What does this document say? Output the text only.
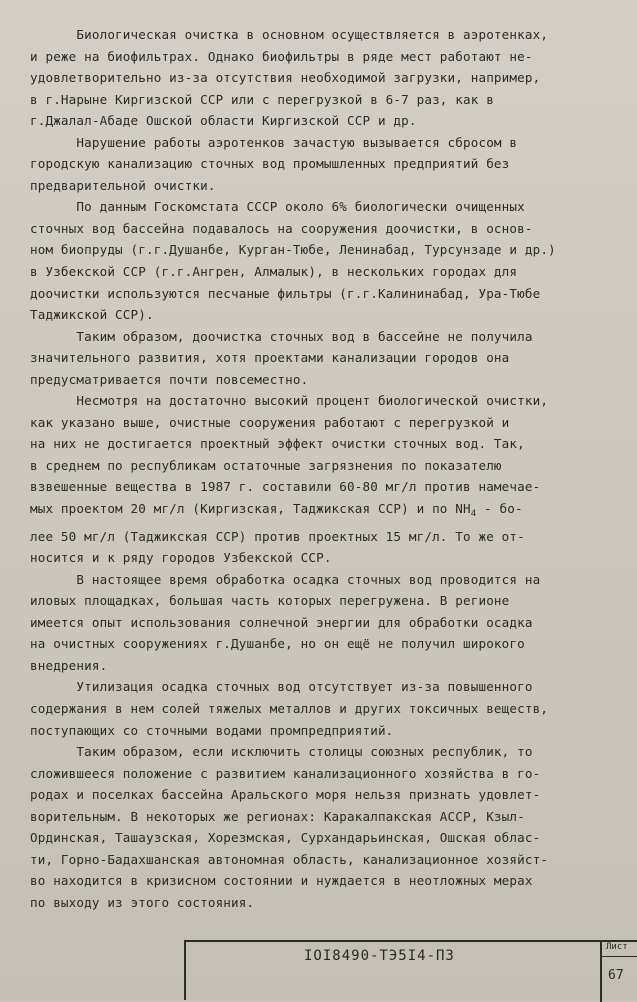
Биологическая очистка в основном осуществляется в аэротенках,
и реже на биофильтрах. Однако биофильтры в ряде мест работают не-
удовлетворительно из-за отсутствия необходимой загрузки, например,
в г.Нарыне Киргизской ССР или с перегрузкой в 6-7 раз, как в
г.Джалал-Абаде Ошской области Киргизской ССР и др.

Нарушение работы аэротенков зачастую вызывается сбросом в
городскую канализацию сточных вод промышленных предприятий без
предварительной очистки.

По данным Госкомстата СССР около 6% биологически очищенных
сточных вод бассейна подавалось на сооружения доочистки, в основ-
ном биопруды (г.г.Душанбе, Курган-Тюбе, Ленинабад, Турсунзаде и др.)
в Узбекской ССР (г.г.Ангрен, Алмалык), в нескольких городах для
доочистки используются песчаные фильтры (г.г.Калининабад, Ура-Тюбе
Таджикской ССР).

Таким образом, доочистка сточных вод в бассейне не получила
значительного развития, хотя проектами канализации городов она
предусматривается почти повсеместно.

Несмотря на достаточно высокий процент биологической очистки,
как указано выше, очистные сооружения работают с перегрузкой и
на них не достигается проектный эффект очистки сточных вод. Так,
в среднем по республикам остаточные загрязнения по показателю
взвешенные вещества в 1987 г. составили 60-80 мг/л против намечае-
мых проектом 20 мг/л (Киргизская, Таджикская ССР) и по $NH_4 - бо-$
лее 50 мг/л (Таджикская ССР) против проектных 15 мг/л. То же от-
носится и к ряду городов Узбекской ССР.

В настоящее время обработка осадка сточных вод проводится на
иловых площадках, большая часть которых перегружена. В регионе
имеется опыт использования солнечной энергии для обработки осадка
на очистных сооружениях г.Душанбе, но он ещё не получил широкого
внедрения.

Утилизация осадка сточных вод отсутствует из-за повышенного
содержания в нем солей тяжелых металлов и других токсичных веществ,
поступающих со сточными водами промпредприятий.

Таким образом, если исключить столицы союзных республик, то
сложившееся положение с развитием канализационного хозяйства в го-
родах и поселках бассейна Аральского моря нельзя признать удовлет-
ворительным. В некоторых же регионах: Каракалпакская АССР, Кзыл-
Ординская, Ташаузская, Хорезмская, Сурхандарьинская, Ошская облас-
ти, Горно-Бадахшанская автономная область, канализационное хозяйст-
во находится в кризисном состоянии и нуждается в неотложных мерах
по выходу из этого состояния.

IOI8490-ТЭ5I4-ПЗ
Лист
67
